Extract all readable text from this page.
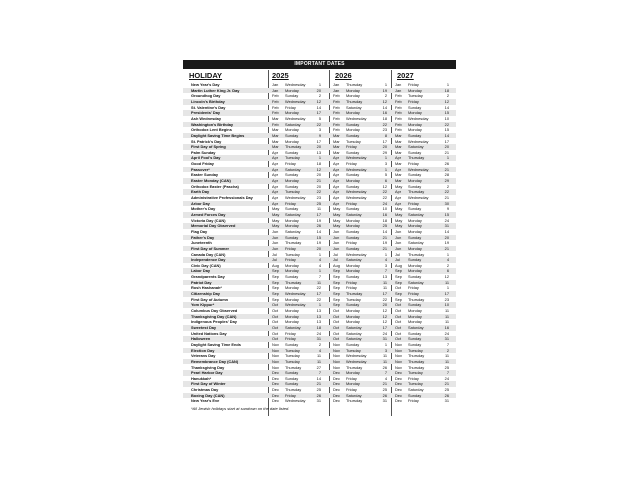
IMPORTANT DATES
HOLIDAY	2025	2026	2027
New Year's Day	Jan Wednesday	1	Jan Thursday	1 Jan Friday	1
Martin Luther King Jr. Day	Jan Monday	20	Jan Monday	19 Jan Monday	18
Groundhog Day	Feb Sunday	2	Feb Monday	2 Feb Tuesday	2
Lincoln's Birthday	Feb Wednesday	12	Feb Thursday	12 Feb Friday	12
St. Valentine's Day	Feb Friday	14	Feb Saturday	14 Feb Sunday	14
Presidents' Day	Feb Monday	17	Feb Monday	16 Feb Monday	15
Ash Wednesday	Mar Wednesday	5	Feb Wednesday	18 Feb Wednesday	10
Washington's Birthday	Feb Saturday	22	Feb Sunday	22 Feb Monday	22
Orthodox Lent Begins	Mar Monday	3	Feb Monday	23 Feb Monday	15
Daylight Saving Time Begins	Mar Sunday	9	Mar Sunday	8 Mar Sunday	14
St. Patrick's Day	Mar Monday	17	Mar Tuesday	17 Mar Wednesday	17
First Day of Spring	Mar Thursday	20	Mar Friday	20 Mar Saturday	20
Palm Sunday	Apr Sunday	13	Mar Sunday	29 Mar Sunday	21
April Fool's Day	Apr Tuesday	1	Apr Wednesday	1 Apr Thursday	1
Good Friday	Apr Friday	18	Apr Friday	3 Mar Friday	26
Passover*	Apr Saturday	12	Apr Wednesday	1 Apr Wednesday	21
Easter Sunday	Apr Sunday	20	Apr Sunday	5 Mar Sunday	28
Easter Monday (CAN)	Apr Monday	21	Apr Monday	6 Mar Monday	29
Orthodox Easter (Pascha)	Apr Sunday	20	Apr Sunday	12 May Sunday	2
Earth Day	Apr Tuesday	22	Apr Wednesday	22 Apr Thursday	22
Administrative Professionals Day	Apr Wednesday	23	Apr Wednesday	22 Apr Wednesday	21
Arbor Day	Apr Friday	25	Apr Friday	24 Apr Friday	30
Mother's Day	May Sunday	11	May Sunday	10 May Sunday	9
Armed Forces Day	May Saturday	17	May Saturday	16 May Saturday	15
Victoria Day (CAN)	May Monday	19	May Monday	18 May Monday	24
Memorial Day Observed	May Monday	26	May Monday	25 May Monday	31
Flag Day	Jun Saturday	14	Jun Sunday	14 Jun Monday	14
Father's Day	Jun Sunday	15	Jun Sunday	21 Jun Sunday	20
Juneteenth	Jun Thursday	19	Jun Friday	19 Jun Saturday	19
First Day of Summer	Jun Friday	20	Jun Sunday	21 Jun Monday	21
Canada Day (CAN)	Jul Tuesday	1	Jul Wednesday	1 Jul Thursday	1
Independence Day	Jul Friday	4	Jul Saturday	4 Jul Sunday	4
Civic Day (CAN)	Aug Monday	4	Aug Monday	3 Aug Monday	2
Labor Day	Sep Monday	1	Sep Monday	7 Sep Monday	6
Grandparents Day	Sep Sunday	7	Sep Sunday	13 Sep Sunday	12
Patriot Day	Sep Thursday	11	Sep Friday	11 Sep Saturday	11
Rosh Hashanah*	Sep Monday	22	Sep Friday	11 Oct Friday	1
Citizenship Day	Sep Wednesday	17	Sep Thursday	17 Sep Friday	17
First Day of Autumn	Sep Monday	22	Sep Tuesday	22 Sep Thursday	23
Yom Kippur*	Oct Wednesday	1	Sep Sunday	20 Oct Sunday	10
Columbus Day Observed	Oct Monday	13	Oct Monday	12 Oct Monday	11
Thanksgiving Day (CAN)	Oct Monday	13	Oct Monday	12 Oct Monday	11
Indigenous Peoples' Day	Oct Monday	13	Oct Monday	12 Oct Monday	11
Sweetest Day	Oct Saturday	18	Oct Saturday	17 Oct Saturday	16
United Nations Day	Oct Friday	24	Oct Saturday	24 Oct Sunday	24
Halloween	Oct Friday	31	Oct Saturday	31 Oct Sunday	31
Daylight Saving Time Ends	Nov Sunday	2	Nov Sunday	1 Nov Sunday	7
Election Day	Nov Tuesday	4	Nov Tuesday	3 Nov Tuesday	2
Veterans Day	Nov Tuesday	11	Nov Wednesday	11 Nov Thursday	11
Remembrance Day (CAN)	Nov Tuesday	11	Nov Wednesday	11 Nov Thursday	11
Thanksgiving Day	Nov Thursday	27	Nov Thursday	26 Nov Thursday	25
Pearl Harbor Day	Dec Sunday	7	Dec Monday	7 Dec Tuesday	7
Hanukkah*	Dec Sunday	14	Dec Friday	4 Dec Friday	24
First Day of Winter	Dec Sunday	21	Dec Monday	21 Dec Tuesday	21
Christmas Day	Dec Thursday	25	Dec Friday	25 Dec Saturday	25
Boxing Day (CAN)	Dec Friday	26	Dec Saturday	26 Dec Sunday	26
New Year's Eve	Dec Wednesday	31	Dec Thursday	31 Dec Friday	31
*All Jewish holidays start at sundown on the date listed.
